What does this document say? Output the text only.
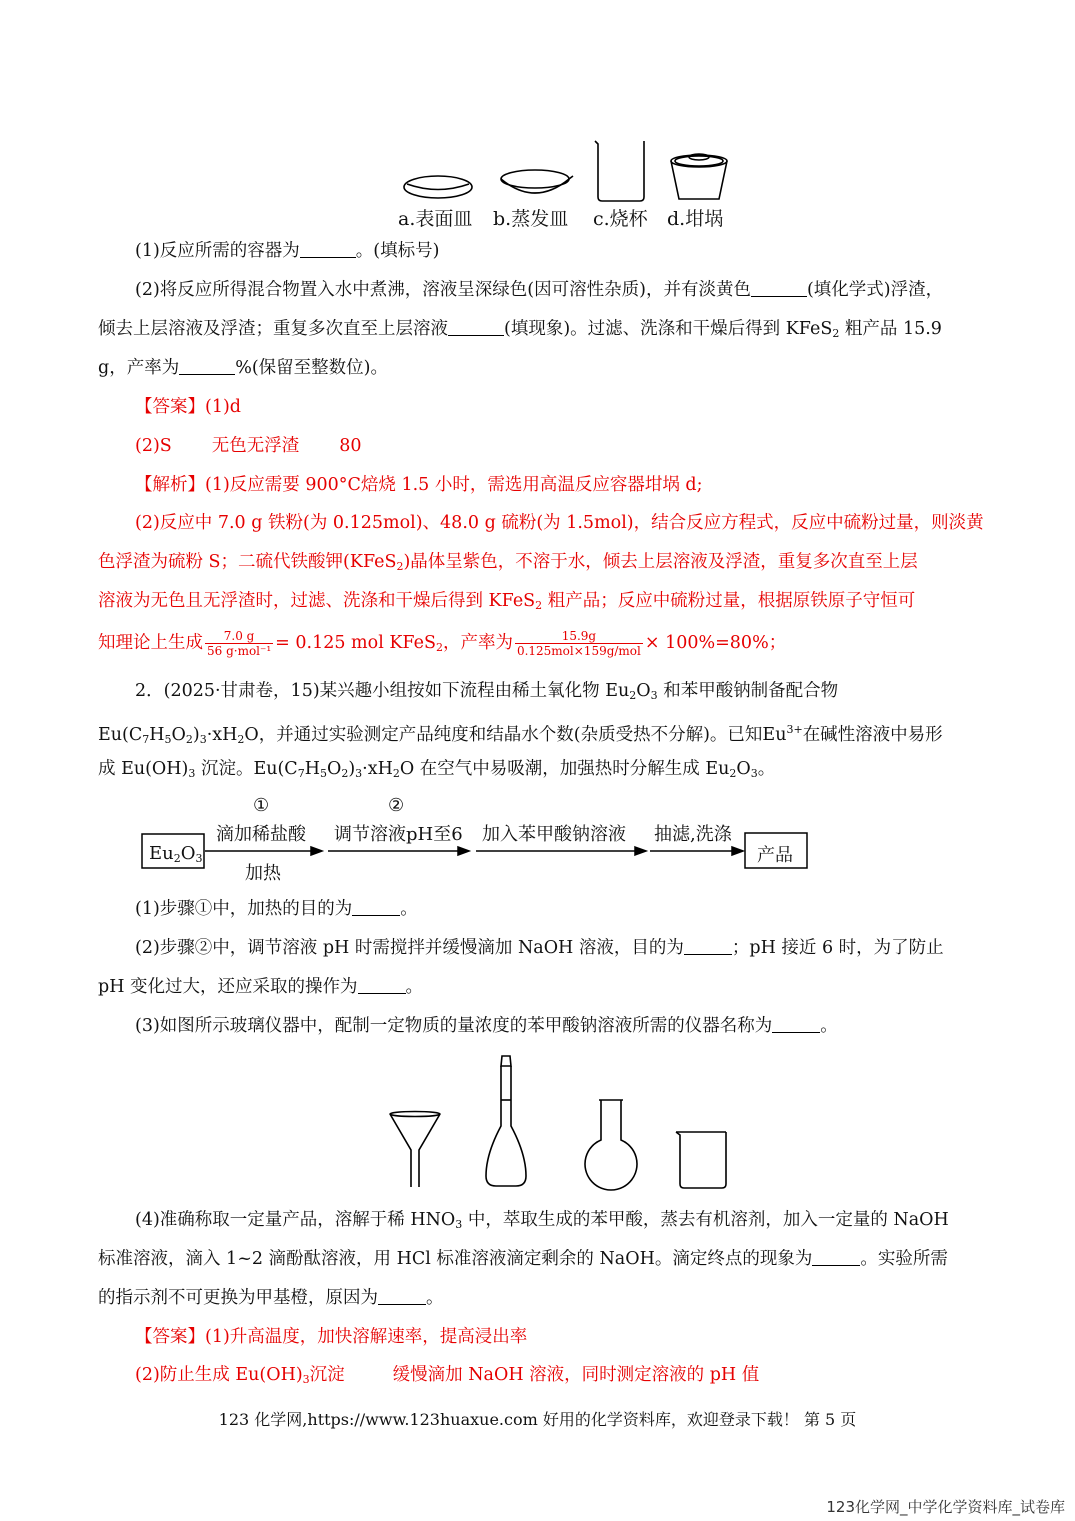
a.表面皿 b.蒸发皿 c.烧杯 d.坩埚
(1)反应所需的容器为	。(填标号)
(2)将反应所得混合物置入水中煮沸，溶液呈深绿色(因可溶性杂质)，并有淡黄色	(填化学式)浮渣，
倾去上层溶液及浮渣；重复多次直至上层溶液	(填现象)。过滤、洗涤和干燥后得到 KFeS$_2$ 粗产品 15.9
g，产率为	%(保留至整数位)。
【答案】(1)d
(2)S 无色无浮渣 80
【解析】(1)反应需要 900°C焙烧 1.5 小时，需选用高温反应容器坩埚 d;
(2)反应中 7.0 g 铁粉(为 0.125mol)、48.0 g 硫粉(为 1.5mol)，结合反应方程式，反应中硫粉过量，则淡黄
色浮渣为硫粉 S；二硫代铁酸钾(KFeS$_2$)晶体呈紫色，不溶于水，倾去上层溶液及浮渣，重复多次直至上层
溶液为无色且无浮渣时，过滤、洗涤和干燥后得到 KFeS$_2$ 粗产品；反应中硫粉过量，根据原铁原子守恒可
知理论上生成 $\frac{7.0 g}{\text{56 g·mol⁻¹}} = 0.125$ mol KFeS$_2$，产率为 $\frac{15.9g}{\text{0.125mol×159g/mol}} \times 100\%=80\%$；
2．(2025·甘肃卷，15)某兴趣小组按如下流程由稀土氧化物 $Eu_2O_3$ 和苯甲酸钠制备配合物
$Eu(C_7H_5O_2)_3\cdot xH_2O$，并通过实验测定产品纯度和结晶水个数(杂质受热不分解)。已知$Eu^{3+}$在碱性溶液中易形
成 $Eu(OH)_3$ 沉淀。$Eu(C_7H_5O_2)_3\cdot xH_2O$ 在空气中易吸潮，加强热时分解生成 $Eu_2O_3$。
$Eu_2O_3$
①
滴加稀盐酸
加热
②
调节溶液pH至6 加入苯甲酸钠溶液 抽滤,洗涤
产品
(1)步骤①中，加热的目的为	。
(2)步骤②中，调节溶液 pH 时需搅拌并缓慢滴加 NaOH 溶液，目的为	；pH 接近 6 时，为了防止
pH 变化过大，还应采取的操作为	。
(3)如图所示玻璃仪器中，配制一定物质的量浓度的苯甲酸钠溶液所需的仪器名称为	。
(4)准确称取一定量产品，溶解于稀 $HNO_3$ 中，萃取生成的苯甲酸，蒸去有机溶剂，加入一定量的 NaOH
标准溶液，滴入 1~2 滴酚酞溶液，用 HCl 标准溶液滴定剩余的 NaOH。滴定终点的现象为	。实验所需
的指示剂不可更换为甲基橙，原因为	。
【答案】(1)升高温度，加快溶解速率，提高浸出率
(2)防止生成 $Eu(OH)_3$沉淀	缓慢滴加 NaOH 溶液，同时测定溶液的 pH 值
123 化学网,https://www.123huaxue.com 好用的化学资料库，欢迎登录下载！ 第 5 页
123化学网_中学化学资料库_试卷库
